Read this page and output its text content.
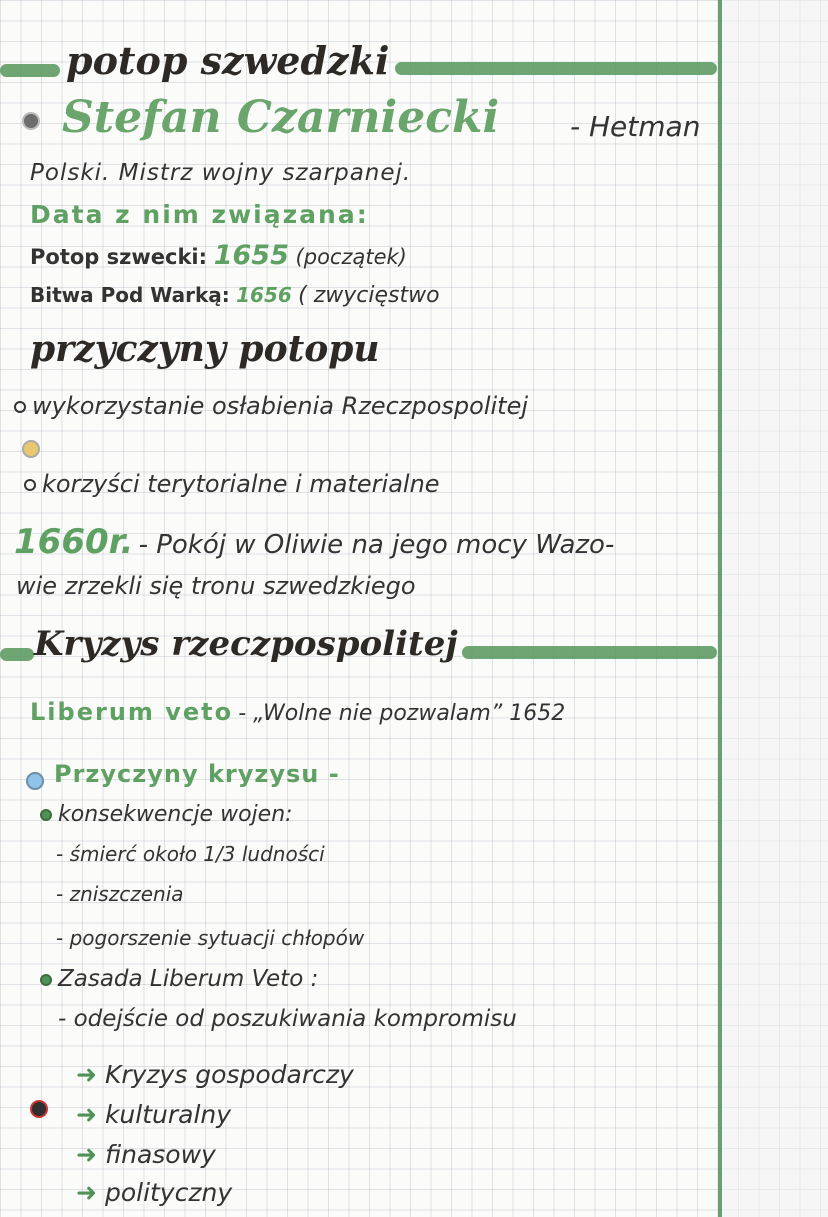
potop szwedzki
Stefan Czarniecki	- Hetman
Polski. Mistrz wojny szarpanej.
Data z nim związana:
Potop szwecki: 1655 (początek)
Bitwa Pod Warką: 1656 ( zwycięstwo
przyczyny potopu
wykorzystanie osłabienia Rzeczpospolitej
korzyści terytorialne i materialne
1660r. - Pokój w Oliwie na jego mocy Wazo-
wie zrzekli się tronu szwedzkiego
Kryzys rzeczpospolitej
Liberum veto - „Wolne nie pozwalam” 1652
Przyczyny kryzysu -
konsekwencje wojen:
- śmierć około 1/3 ludności
- zniszczenia
- pogorszenie sytuacji chłopów
Zasada Liberum Veto :
- odejście od poszukiwania kompromisu
➜ Kryzys gospodarczy
➜ kulturalny
➜ finasowy
➜ polityczny
